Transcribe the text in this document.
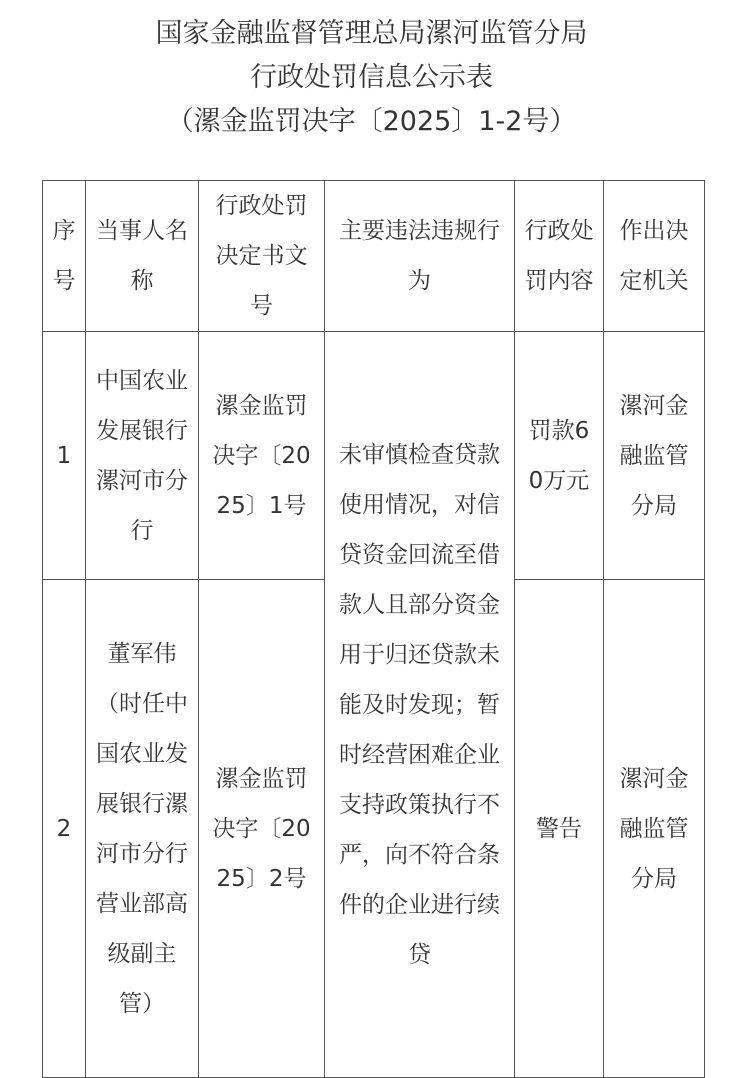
国家金融监督管理总局漯河监管分局
行政处罚信息公示表
（漯金监罚决字〔2025〕1-2号）
序号	当事人名称	行政处罚决定书文号	主要违法违规行为	行政处罚内容	作出决定机关
1	中国农业发展银行漯河市分行	漯金监罚决字〔2025〕1号	未审慎检查贷款使用情况，对信贷资金回流至借款人且部分资金用于归还贷款未能及时发现；暂时经营困难企业支持政策执行不严，向不符合条件的企业进行续贷	罚款60万元	漯河金融监管分局
2	董军伟（时任中国农业发展银行漯河市分行营业部高级副主管）	漯金监罚决字〔2025〕2号		警告	漯河金融监管分局
